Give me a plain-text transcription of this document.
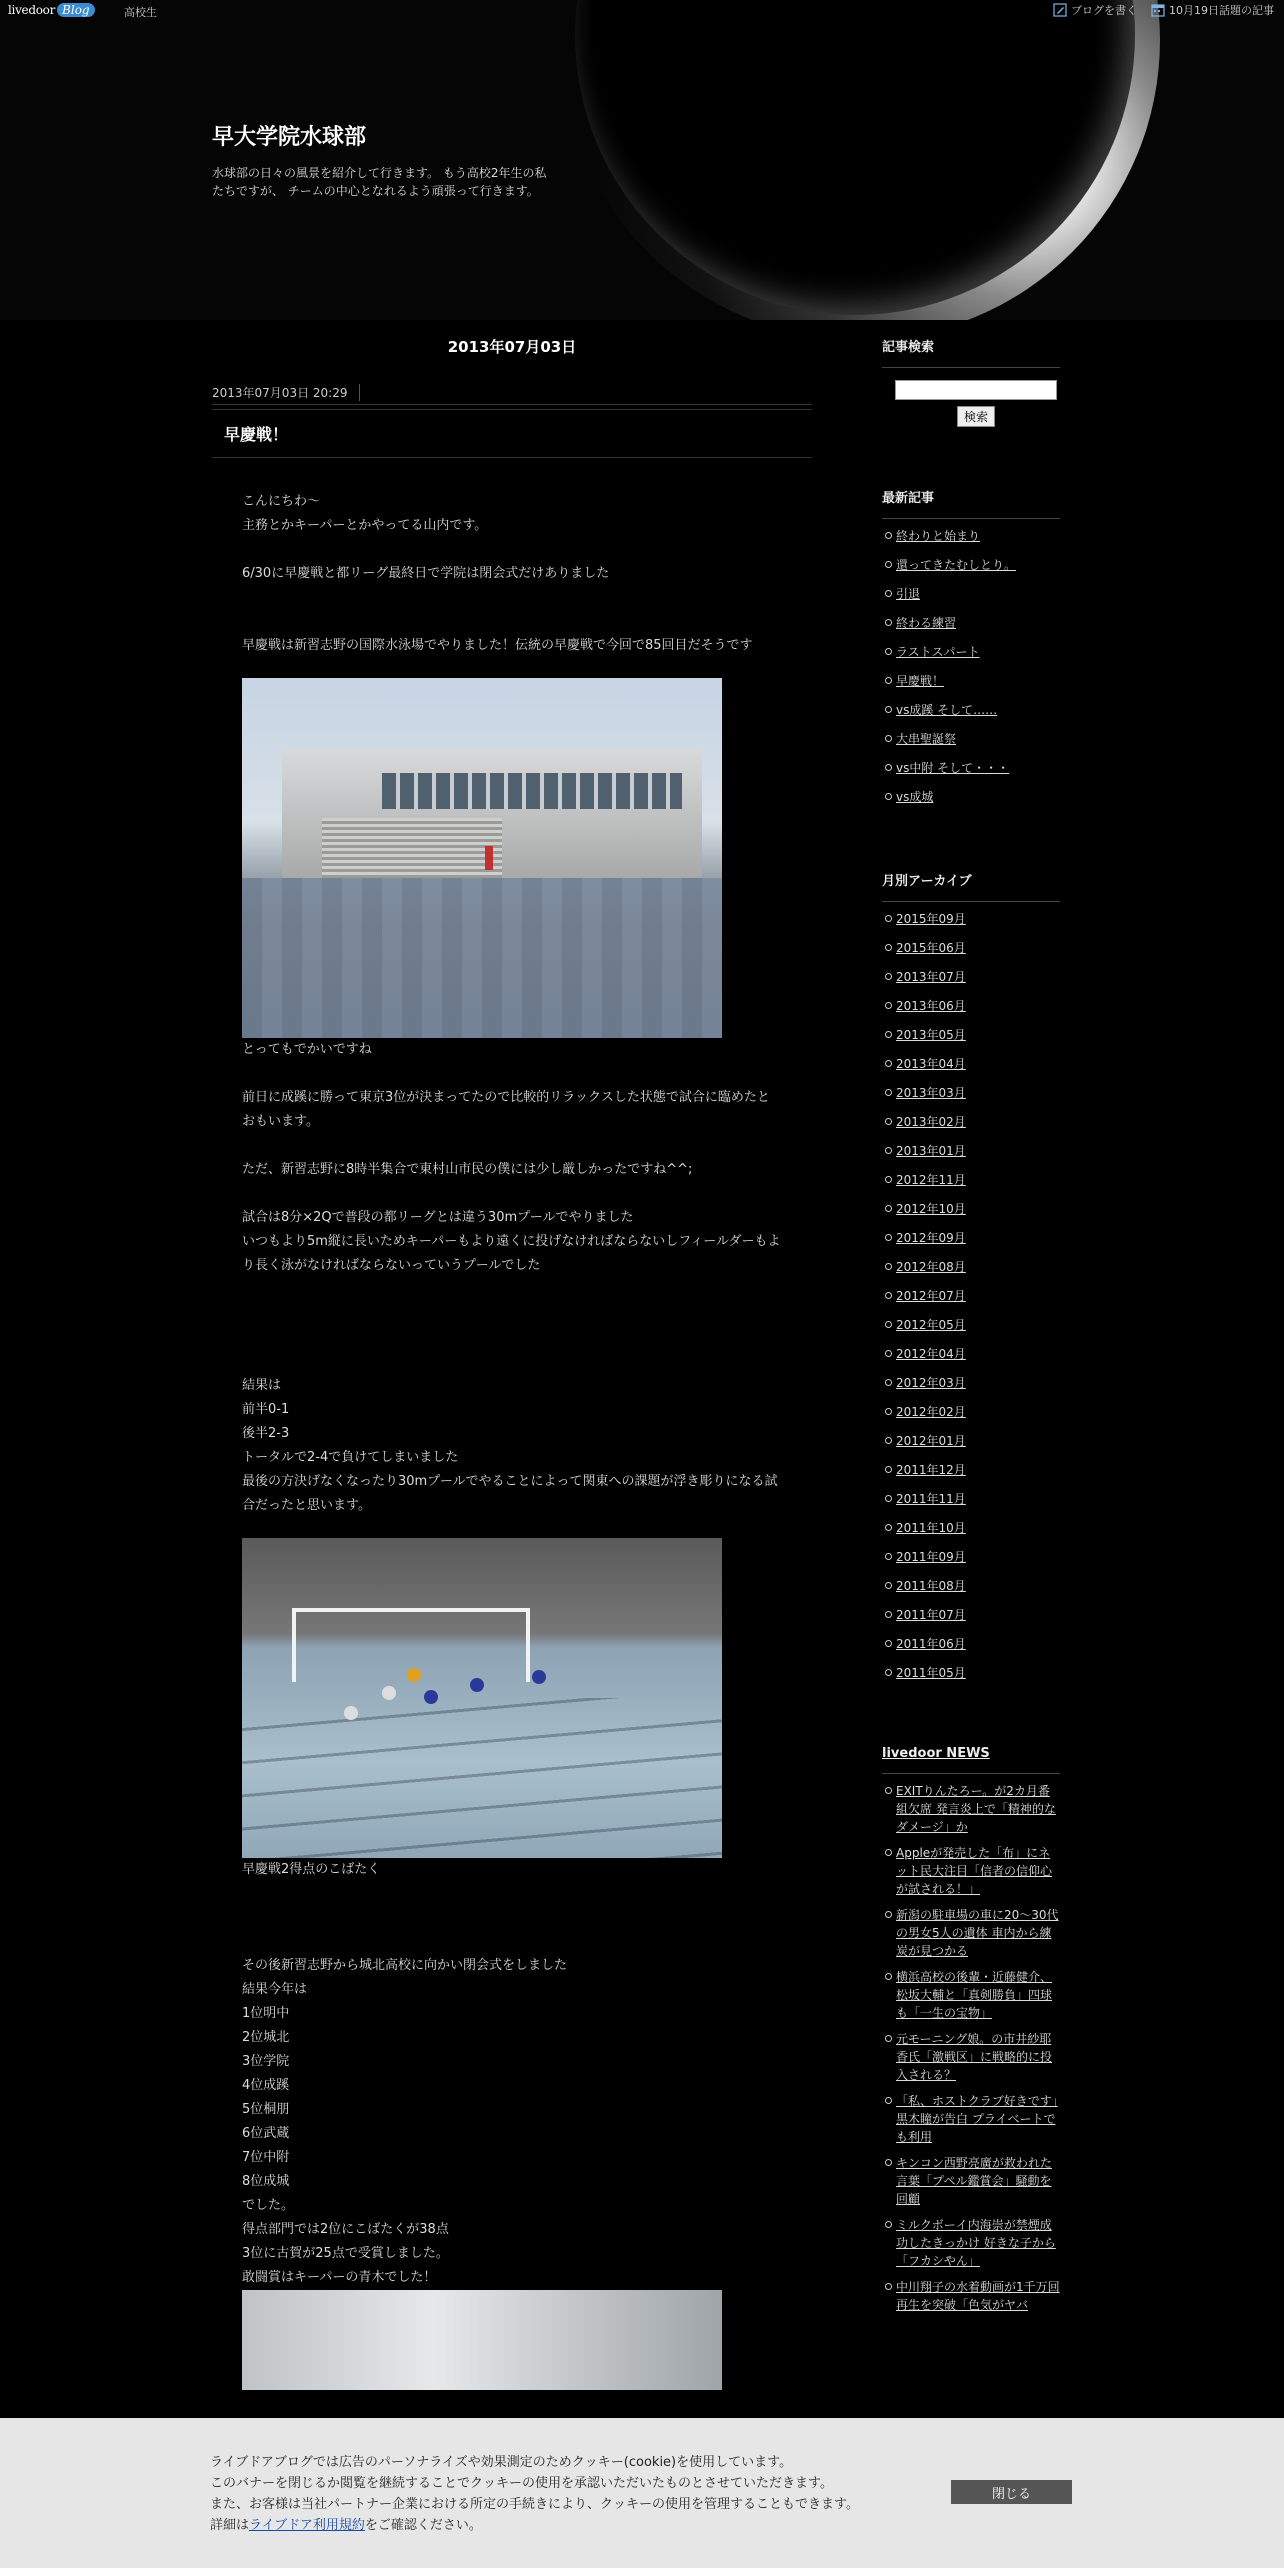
早大学院水球部

水球部の日々の風景を紹介して行きます。 もう高校2年生の私たちですが、 チームの中心となれるよう頑張って行きます。

livedoor Blog	高校生	ブログを書く	10月19日話題の記事
2013年07月03日
2013年07月03日 20:29
早慶戦！

こんにちわ～

主務とかキーパーとかやってる山内です。

6/30に早慶戦と都リーグ最終日で学院は閉会式だけありました

早慶戦は新習志野の国際水泳場でやりました！伝統の早慶戦で今回で85回目だそうです

とってもでかいですね

前日に成蹊に勝って東京3位が決まってたので比較的リラックスした状態で試合に臨めたとおもいます。

ただ、新習志野に8時半集合で東村山市民の僕には少し厳しかったですね^^;

試合は8分×2Qで普段の都リーグとは違う30mプールでやりました

いつもより5m縦に長いためキーパーもより遠くに投げなければならないしフィールダーもより長く泳がなければならないっていうプールでした

結果は

前半0-1

後半2-3

トータルで2-4で負けてしまいました

最後の方決げなくなったり30mプールでやることによって関東への課題が浮き彫りになる試合だったと思います。

早慶戦2得点のこばたく

その後新習志野から城北高校に向かい閉会式をしました

結果今年は

1位明中

2位城北

3位学院

4位成蹊

5位桐朋

6位武蔵

7位中附

8位成城

でした。

得点部門では2位にこばたくが38点

3位に古賀が25点で受賞しました。

敢闘賞はキーパーの青木でした！

記事検索

検索
最新記事
終わりと始まり
還ってきたむしとり。
引退
終わる練習
ラストスパート
早慶戦！
vs成蹊 そして……
大串聖誕祭
vs中附 そして・・・
vs成城
月別アーカイブ
2015年09月
2015年06月
2013年07月
2013年06月
2013年05月
2013年04月
2013年03月
2013年02月
2013年01月
2012年11月
2012年10月
2012年09月
2012年08月
2012年07月
2012年05月
2012年04月
2012年03月
2012年02月
2012年01月
2011年12月
2011年11月
2011年10月
2011年09月
2011年08月
2011年07月
2011年06月
2011年05月
livedoor NEWS
EXITりんたろー。が2カ月番組欠席 発言炎上で「精神的なダメージ」か
Appleが発売した「布」にネット民大注目「信者の信仰心が試される！」
新潟の駐車場の車に20〜30代の男女5人の遺体 車内から練炭が見つかる
横浜高校の後輩・近藤健介、松坂大輔と「真剣勝負」四球も「一生の宝物」
元モーニング娘。の市井紗耶香氏「激戦区」に戦略的に投入される？
「私、ホストクラブ好きです」黒木瞳が告白 プライベートでも利用
キンコン西野亮廣が救われた言葉「プペル鑑賞会」騒動を回顧
ミルクボーイ内海崇が禁煙成功したきっかけ 好きな子から「フカシやん」
中川翔子の水着動画が1千万回再生を突破「色気がヤバ

ライブドアブログでは広告のパーソナライズや効果測定のためクッキー(cookie)を使用しています。

このバナーを閉じるか閲覧を継続することでクッキーの使用を承認いただいたものとさせていただきます。

また、お客様は当社パートナー企業における所定の手続きにより、クッキーの使用を管理することもできます。

詳細はライブドア利用規約をご確認ください。

閉じる
